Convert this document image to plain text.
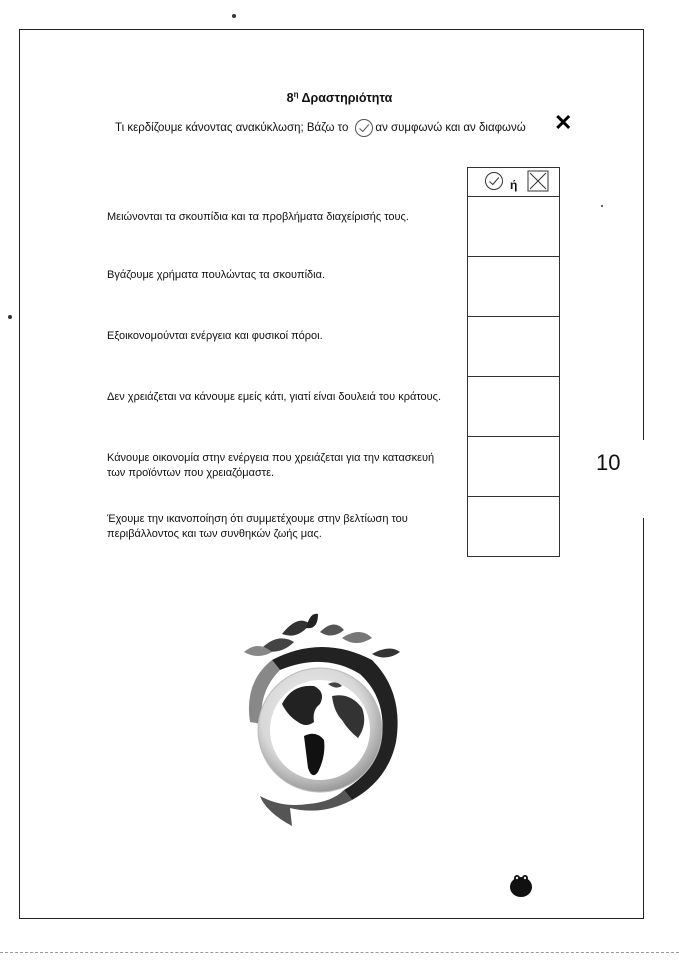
$8^\eta$ Δραστηριότητα
Τι κερδίζουμε κάνοντας ανακύκλωση; Βάζω το αν συμφωνώ και αν διαφωνώ ✕
Μειώνονται τα σκουπίδια και τα προβλήματα διαχείρισής τους.
Βγάζουμε χρήματα πουλώντας τα σκουπίδια.
Εξοικονομούνται ενέργεια και φυσικοί πόροι.
Δεν χρειάζεται να κάνουμε εμείς κάτι, γιατί είναι δουλειά του κράτους.
Κάνουμε οικονομία στην ενέργεια που χρειάζεται για την κατασκευή
των προϊόντων που χρειαζόμαστε.
Έχουμε την ικανοποίηση ότι συμμετέχουμε στην βελτίωση του
περιβάλλοντος και των συνθηκών ζωής μας.
ή
10
